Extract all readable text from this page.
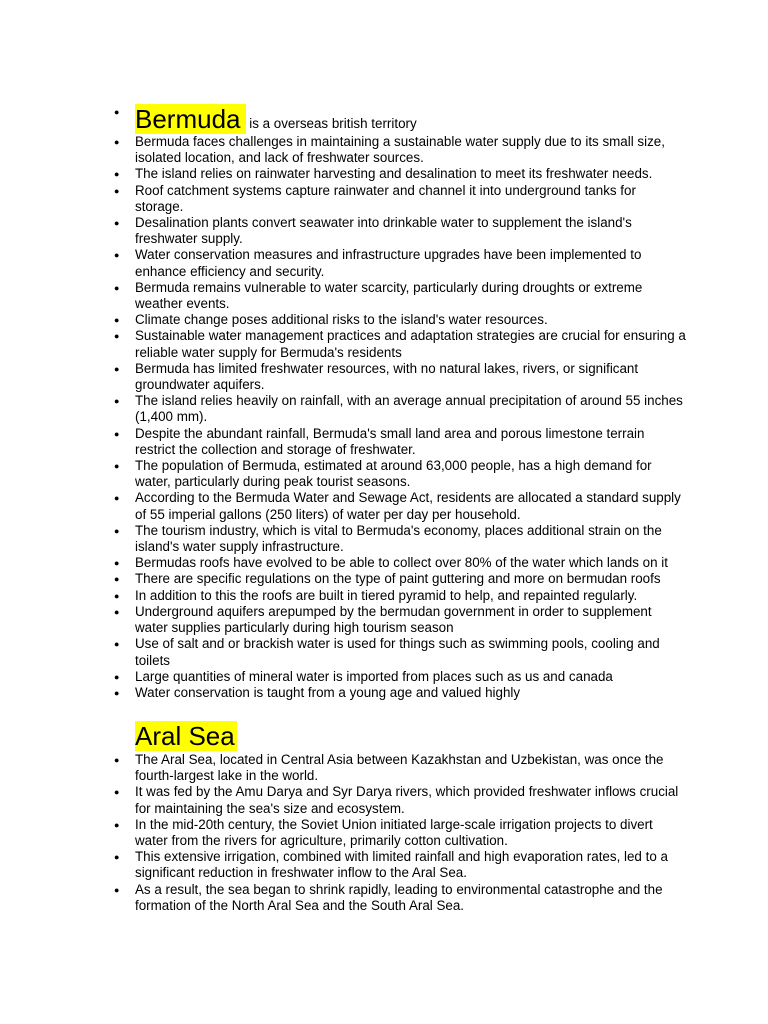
● Bermuda is a overseas british territory
● Bermuda faces challenges in maintaining a sustainable water supply due to its small size, isolated location, and lack of freshwater sources.
● The island relies on rainwater harvesting and desalination to meet its freshwater needs.
● Roof catchment systems capture rainwater and channel it into underground tanks for storage.
● Desalination plants convert seawater into drinkable water to supplement the island's freshwater supply.
● Water conservation measures and infrastructure upgrades have been implemented to enhance efficiency and security.
● Bermuda remains vulnerable to water scarcity, particularly during droughts or extreme weather events.
● Climate change poses additional risks to the island's water resources.
● Sustainable water management practices and adaptation strategies are crucial for ensuring a reliable water supply for Bermuda's residents
● Bermuda has limited freshwater resources, with no natural lakes, rivers, or significant groundwater aquifers.
● The island relies heavily on rainfall, with an average annual precipitation of around 55 inches (1,400 mm).
● Despite the abundant rainfall, Bermuda's small land area and porous limestone terrain restrict the collection and storage of freshwater.
● The population of Bermuda, estimated at around 63,000 people, has a high demand for water, particularly during peak tourist seasons.
● According to the Bermuda Water and Sewage Act, residents are allocated a standard supply of 55 imperial gallons (250 liters) of water per day per household.
● The tourism industry, which is vital to Bermuda's economy, places additional strain on the island's water supply infrastructure.
● Bermudas roofs have evolved to be able to collect over 80% of the water which lands on it
● There are specific regulations on the type of paint guttering and more on bermudan roofs
● In addition to this the roofs are built in tiered pyramid to help, and repainted regularly.
● Underground aquifers arepumped by the bermudan government in order to supplement water supplies particularly during high tourism season
● Use of salt and or brackish water is used for things such as swimming pools, cooling and toilets
● Large quantities of mineral water is imported from places such as us and canada
● Water conservation is taught from a young age and valued highly
Aral Sea
● The Aral Sea, located in Central Asia between Kazakhstan and Uzbekistan, was once the fourth-largest lake in the world.
● It was fed by the Amu Darya and Syr Darya rivers, which provided freshwater inflows crucial for maintaining the sea's size and ecosystem.
● In the mid-20th century, the Soviet Union initiated large-scale irrigation projects to divert water from the rivers for agriculture, primarily cotton cultivation.
● This extensive irrigation, combined with limited rainfall and high evaporation rates, led to a significant reduction in freshwater inflow to the Aral Sea.
● As a result, the sea began to shrink rapidly, leading to environmental catastrophe and the formation of the North Aral Sea and the South Aral Sea.
